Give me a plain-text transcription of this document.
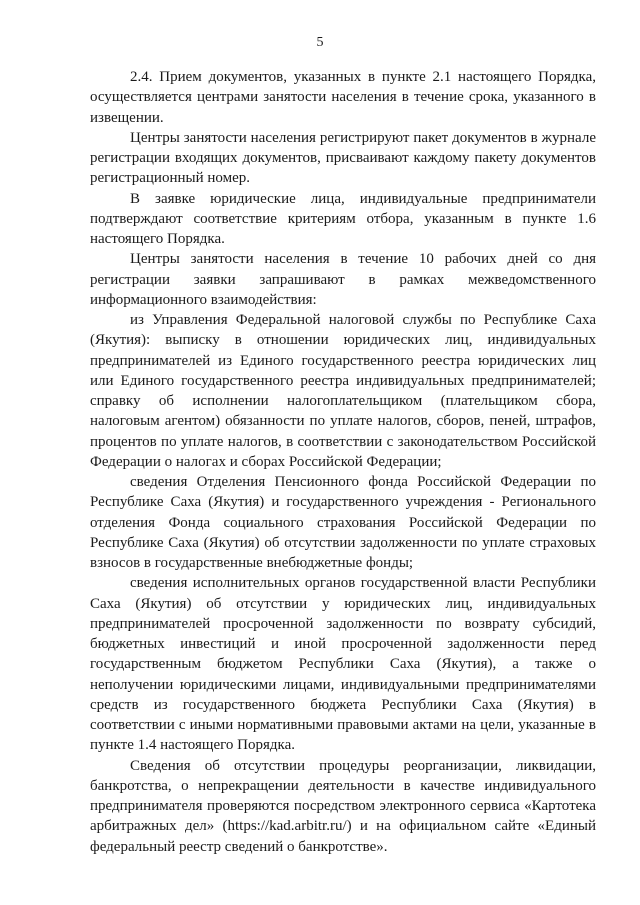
5

2.4. Прием документов, указанных в пункте 2.1 настоящего Порядка, осуществляется центрами занятости населения в течение срока, указанного в извещении.

Центры занятости населения регистрируют пакет документов в журнале регистрации входящих документов, присваивают каждому пакету документов регистрационный номер.

В заявке юридические лица, индивидуальные предприниматели подтверждают соответствие критериям отбора, указанным в пункте 1.6 настоящего Порядка.

Центры занятости населения в течение 10 рабочих дней со дня регистрации заявки запрашивают в рамках межведомственного информационного взаимодействия:

из Управления Федеральной налоговой службы по Республике Саха (Якутия): выписку в отношении юридических лиц, индивидуальных предпринимателей из Единого государственного реестра юридических лиц или Единого государственного реестра индивидуальных предпринимателей; справку об исполнении налогоплательщиком (плательщиком сбора, налоговым агентом) обязанности по уплате налогов, сборов, пеней, штрафов, процентов по уплате налогов, в соответствии с законодательством Российской Федерации о налогах и сборах Российской Федерации;

сведения Отделения Пенсионного фонда Российской Федерации по Республике Саха (Якутия) и государственного учреждения - Регионального отделения Фонда социального страхования Российской Федерации по Республике Саха (Якутия) об отсутствии задолженности по уплате страховых взносов в государственные внебюджетные фонды;

сведения исполнительных органов государственной власти Республики Саха (Якутия) об отсутствии у юридических лиц, индивидуальных предпринимателей просроченной задолженности по возврату субсидий, бюджетных инвестиций и иной просроченной задолженности перед государственным бюджетом Республики Саха (Якутия), а также о неполучении юридическими лицами, индивидуальными предпринимателями средств из государственного бюджета Республики Саха (Якутия) в соответствии с иными нормативными правовыми актами на цели, указанные в пункте 1.4 настоящего Порядка.

Сведения об отсутствии процедуры реорганизации, ликвидации, банкротства, о непрекращении деятельности в качестве индивидуального предпринимателя проверяются посредством электронного сервиса «Картотека арбитражных дел» (https://kad.arbitr.ru/) и на официальном сайте «Единый федеральный реестр сведений о банкротстве».
